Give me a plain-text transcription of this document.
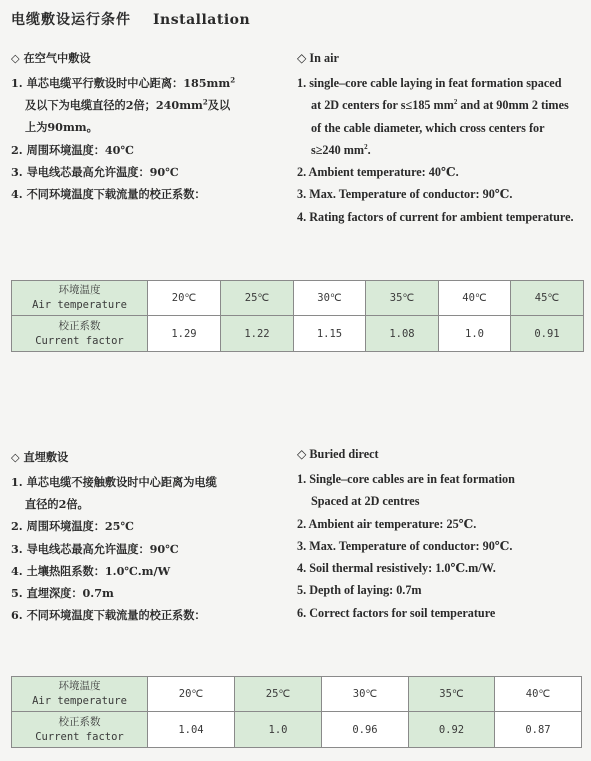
电缆敷设运行条件 Installation
◇ 在空气中敷设
1. 单芯电缆平行敷设时中心距离：$185mm^2$
及以下为电缆直径的2倍；$240mm^2$及以
上为90mm。
2. 周围环境温度：40℃
3. 导电线芯最高允许温度：90℃
4. 不同环境温度下载流量的校正系数：
◇ In air
1. single–core cable laying in feat formation spaced
at 2D centers for s≤185 $mm^2$ and at 90mm 2 times
of the cable diameter, which cross centers for
s≥240 $mm^2$.
2. Ambient temperature: 40℃.
3. Max. Temperature of conductor: 90℃.
4. Rating factors of current for ambient temperature.
环境温度
Air temperature	20℃	25℃	30℃	35℃	40℃	45℃

校正系数
Current factor	1.29	1.22	1.15	1.08	1.0	0.91
◇ 直埋敷设
1. 单芯电缆不接触敷设时中心距离为电缆
直径的2倍。
2. 周围环境温度：25℃
3. 导电线芯最高允许温度：90℃
4. 土壤热阻系数：1.0℃.m/W
5. 直埋深度：0.7m
6. 不同环境温度下载流量的校正系数：
◇ Buried direct
1. Single–core cables are in feat formation
Spaced at 2D centres
2. Ambient air temperature: 25℃.
3. Max. Temperature of conductor: 90℃.
4. Soil thermal resistively: 1.0℃.m/W.
5. Depth of laying: 0.7m
6. Correct factors for soil temperature
环境温度
Air temperature	20℃	25℃	30℃	35℃	40℃

校正系数
Current factor	1.04	1.0	0.96	0.92	0.87
